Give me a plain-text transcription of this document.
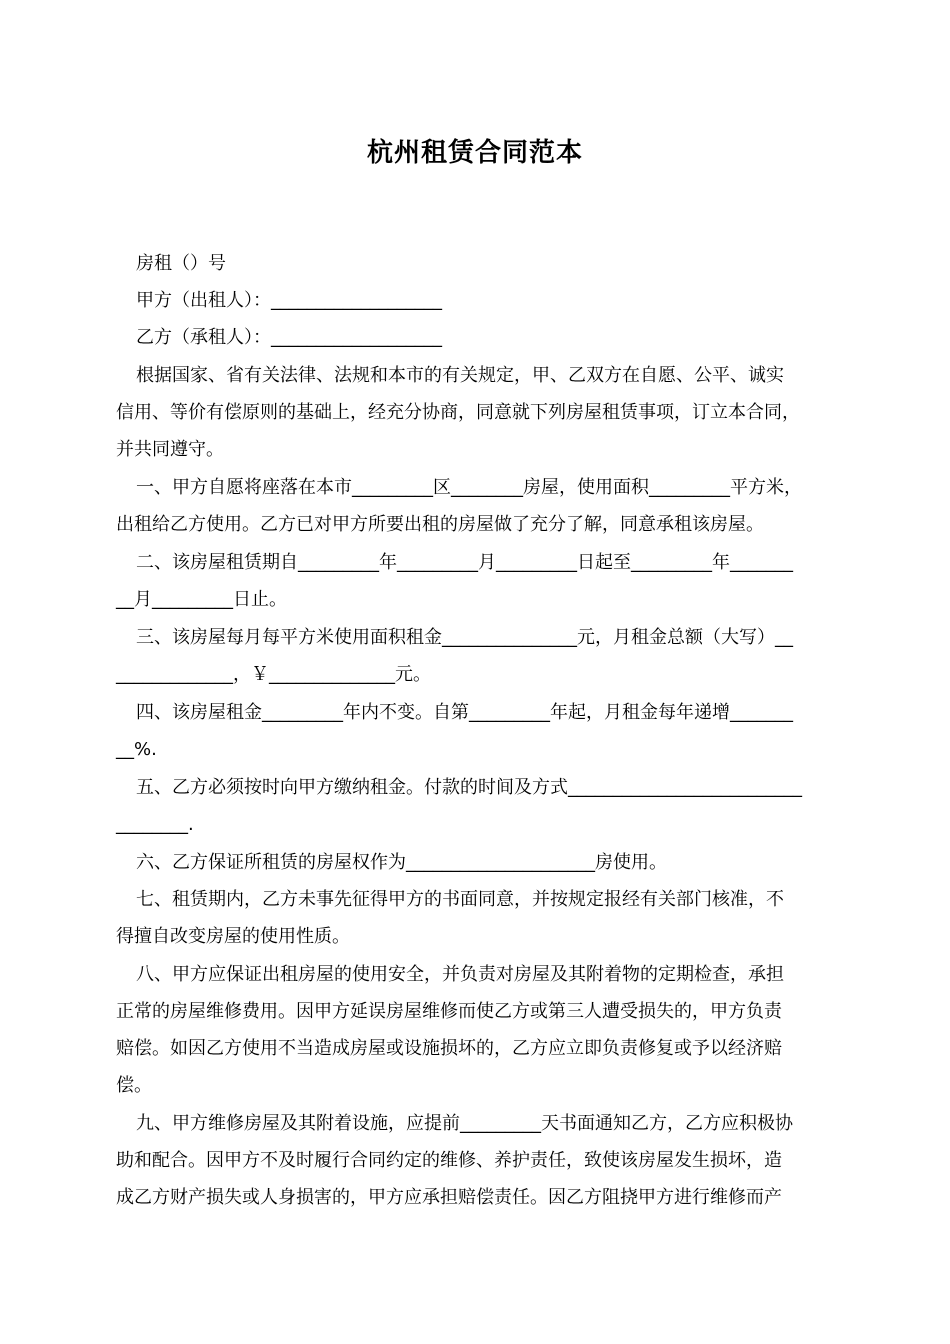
杭州租赁合同范本
房租（）号
甲方（出租人）：___________________
乙方（承租人）：___________________
根据国家、省有关法律、法规和本市的有关规定，甲、乙双方在自愿、公平、诚实
信用、等价有偿原则的基础上，经充分协商，同意就下列房屋租赁事项，订立本合同，
并共同遵守。
一、甲方自愿将座落在本市_________区________房屋，使用面积_________平方米，
出租给乙方使用。乙方已对甲方所要出租的房屋做了充分了解，同意承租该房屋。
二、该房屋租赁期自_________年_________月_________日起至_________年_______
__月_________日止。
三、该房屋每月每平方米使用面积租金_______________元，月租金总额（大写）__
_____________，￥______________元。
四、该房屋租金_________年内不变。自第_________年起，月租金每年递增_______
__%.
五、乙方必须按时向甲方缴纳租金。付款的时间及方式__________________________
________.
六、乙方保证所租赁的房屋权作为_____________________房使用。
七、租赁期内，乙方未事先征得甲方的书面同意，并按规定报经有关部门核准，不
得擅自改变房屋的使用性质。
八、甲方应保证出租房屋的使用安全，并负责对房屋及其附着物的定期检查，承担
正常的房屋维修费用。因甲方延误房屋维修而使乙方或第三人遭受损失的，甲方负责
赔偿。如因乙方使用不当造成房屋或设施损坏的，乙方应立即负责修复或予以经济赔
偿。
九、甲方维修房屋及其附着设施，应提前_________天书面通知乙方，乙方应积极协
助和配合。因甲方不及时履行合同约定的维修、养护责任，致使该房屋发生损坏，造
成乙方财产损失或人身损害的，甲方应承担赔偿责任。因乙方阻挠甲方进行维修而产
